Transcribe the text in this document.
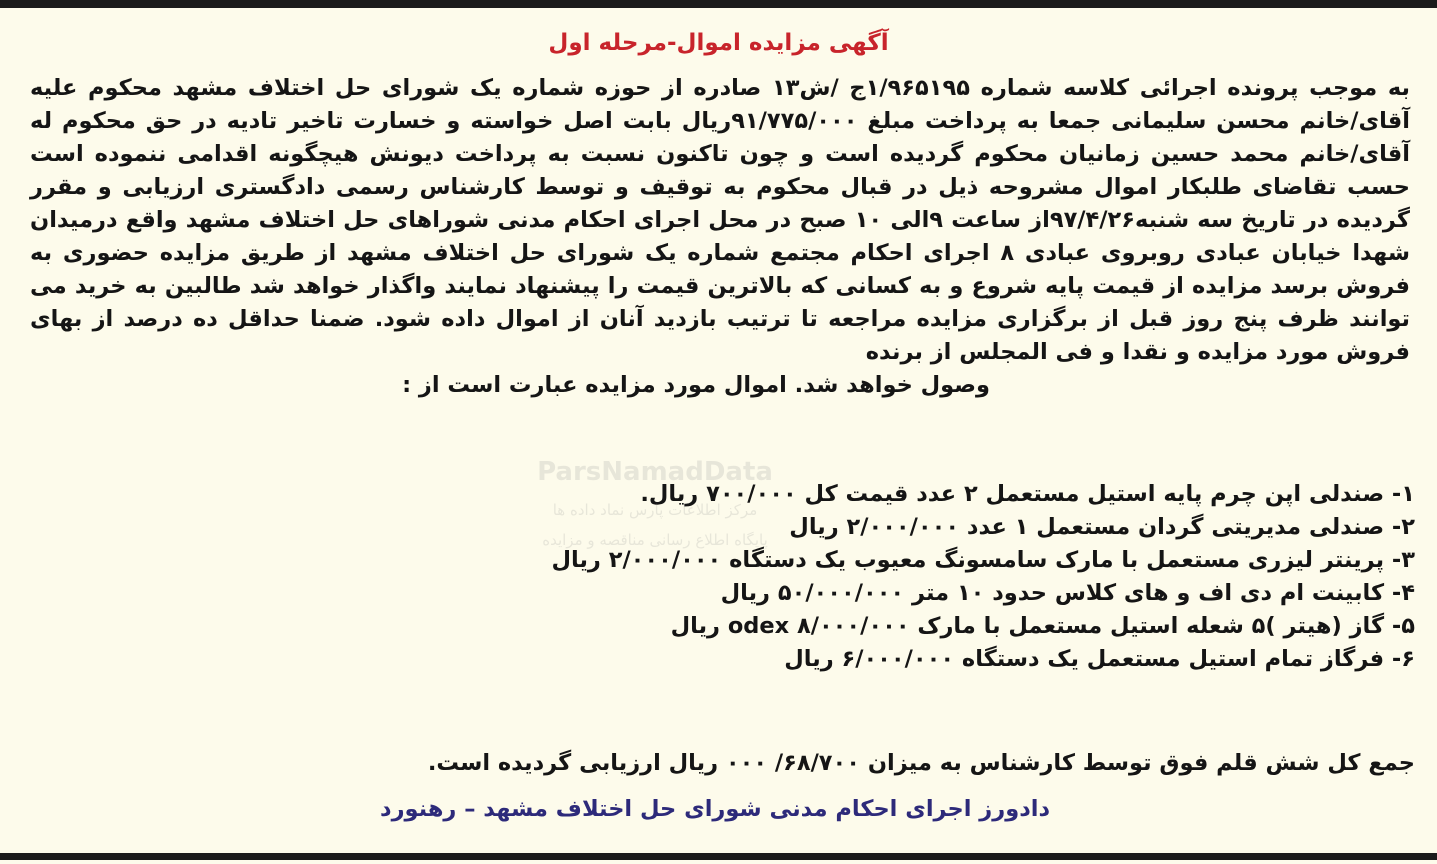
آگهی مزایده اموال-مرحله اول

به موجب پرونده اجرائی کلاسه شماره ۱/۹۶۵۱۹۵ج /ش۱۳ صادره از حوزه شماره یک شورای حل اختلاف مشهد محکوم علیه آقای/خانم محسن سلیمانی جمعا به پرداخت مبلغ ۹۱/۷۷۵/۰۰۰ریال بابت اصل خواسته و خسارت تاخیر تادیه در حق محکوم له آقای/خانم محمد حسین زمانیان محکوم گردیده است و چون تاکنون نسبت به پرداخت دیونش هیچگونه اقدامی ننموده است حسب تقاضای طلبکار اموال مشروحه ذیل در قبال محکوم به توقیف و توسط کارشناس رسمی دادگستری ارزیابی و مقرر گردیده در تاریخ سه شنبه۹۷/۴/۲۶از ساعت ۹الی ۱۰ صبح در محل اجرای احکام مدنی شوراهای حل اختلاف مشهد واقع درمیدان شهدا خیابان عبادی روبروی عبادی ۸ اجرای احکام مجتمع شماره یک شورای حل اختلاف مشهد از طریق مزایده حضوری به فروش برسد مزایده از قیمت پایه شروع و به کسانی که بالاترین قیمت را پیشنهاد نمایند واگذار خواهد شد طالبین به خرید می توانند ظرف پنج روز قبل از برگزاری مزایده مراجعه تا ترتیب بازدید آنان از اموال داده شود. ضمنا حداقل ده درصد از بهای فروش مورد مزایده و نقدا و فی المجلس از برنده

وصول خواهد شد. اموال مورد مزایده عبارت است از :

۱- صندلی اپن چرم پایه استیل مستعمل ۲ عدد قیمت کل ۷۰۰/۰۰۰ ریال.
۲- صندلی مدیریتی گردان مستعمل ۱ عدد ۲/۰۰۰/۰۰۰ ریال
۳- پرینتر لیزری مستعمل با مارک سامسونگ معیوب یک دستگاه ۲/۰۰۰/۰۰۰ ریال
۴- کابینت ام دی اف و های کلاس حدود ۱۰ متر ۵۰/۰۰۰/۰۰۰ ریال
۵- گاز (هیتر )۵ شعله استیل مستعمل با مارک odex ۸/۰۰۰/۰۰۰ ریال
۶- فرگاز تمام استیل مستعمل یک دستگاه ۶/۰۰۰/۰۰۰ ریال
جمع کل شش قلم فوق توسط کارشناس به میزان ۶۸/۷۰۰/ ۰۰۰ ریال ارزیابی گردیده است.
دادورز اجرای احکام مدنی شورای حل اختلاف مشهد – رهنورد
ParsNamadData
مرکز اطلاعات پارس نماد داده ها
پایگاه اطلاع رسانی مناقصه و مزایده
